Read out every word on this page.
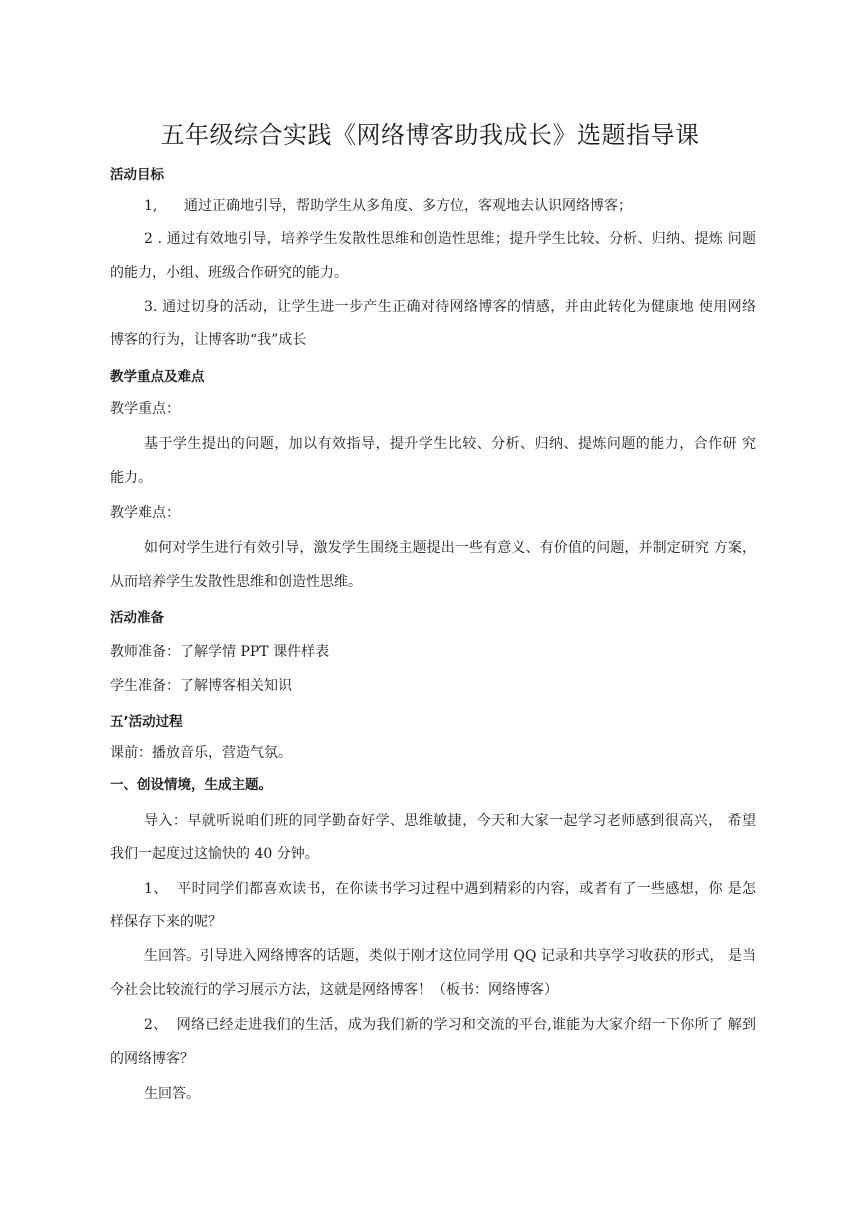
五年级综合实践《网络博客助我成长》选题指导课
活动目标
1,      通过正确地引导，帮助学生从多角度、多方位，客观地去认识网络博客；
2 . 通过有效地引导，培养学生发散性思维和创造性思维；提升学生比较、分析、归纳、提炼 问题
的能力，小组、班级合作研究的能力。
3. 通过切身的活动，让学生进一步产生正确对待网络博客的情感，并由此转化为健康地 使用网络
博客的行为，让博客助“我”成长
教学重点及难点
教学重点：
基于学生提出的问题，加以有效指导，提升学生比较、分析、归纳、提炼问题的能力，合作研 究
能力。
教学难点：
如何对学生进行有效引导，激发学生围绕主题提出一些有意义、有价值的问题，并制定研究 方案，
从而培养学生发散性思维和创造性思维。
活动准备
教师准备：了解学情 PPT 课件样表
学生准备：了解博客相关知识
五’活动过程
课前：播放音乐，营造气氛。
一、创设情境，生成主题。
导入：早就听说咱们班的同学勤奋好学、思维敏捷，今天和大家一起学习老师感到很高兴， 希望
我们一起度过这愉快的 40 分钟。
1、  平时同学们都喜欢读书，在你读书学习过程中遇到精彩的内容，或者有了一些感想，你 是怎
样保存下来的呢？
生回答。引导进入网络博客的话题，类似于刚才这位同学用 QQ 记录和共享学习收获的形式， 是当
今社会比较流行的学习展示方法，这就是网络博客！（板书：网络博客）
2、  网络已经走进我们的生活，成为我们新的学习和交流的平台,谁能为大家介绍一下你所了 解到
的网络博客？
生回答。
